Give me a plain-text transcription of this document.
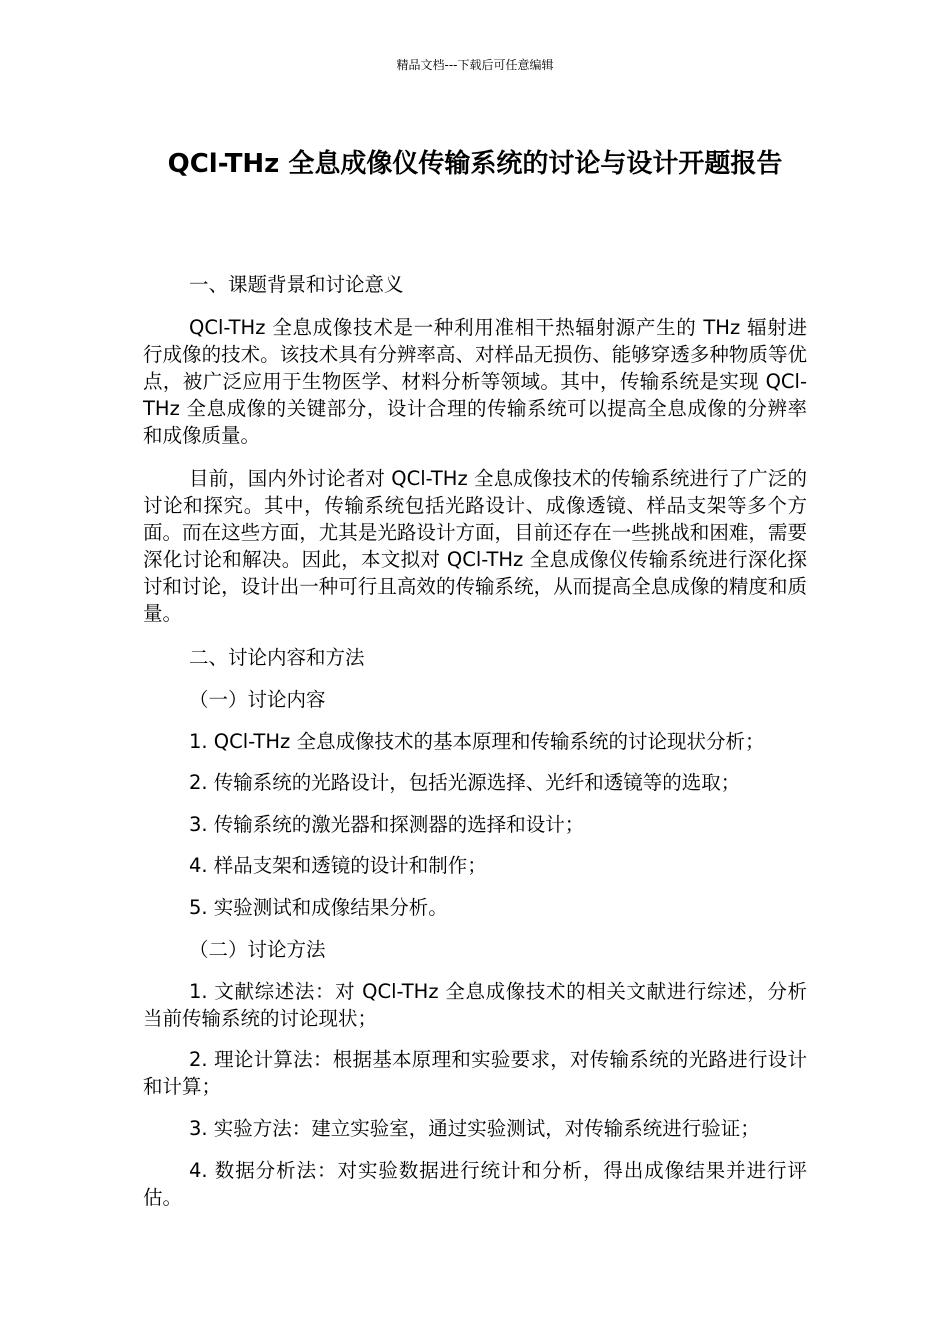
精品文档---下载后可任意编辑
QCl-THz 全息成像仪传输系统的讨论与设计开题报告

一、课题背景和讨论意义

QCl-THz 全息成像技术是一种利用准相干热辐射源产生的 THz 辐射进行成像的技术。该技术具有分辨率高、对样品无损伤、能够穿透多种物质等优点，被广泛应用于生物医学、材料分析等领域。其中，传输系统是实现 QCl-THz 全息成像的关键部分，设计合理的传输系统可以提高全息成像的分辨率和成像质量。

目前，国内外讨论者对 QCl-THz 全息成像技术的传输系统进行了广泛的讨论和探究。其中，传输系统包括光路设计、成像透镜、样品支架等多个方面。而在这些方面，尤其是光路设计方面，目前还存在一些挑战和困难，需要深化讨论和解决。因此，本文拟对 QCl-THz 全息成像仪传输系统进行深化探讨和讨论，设计出一种可行且高效的传输系统，从而提高全息成像的精度和质量。

二、讨论内容和方法

（一）讨论内容

1. QCl-THz 全息成像技术的基本原理和传输系统的讨论现状分析；

2. 传输系统的光路设计，包括光源选择、光纤和透镜等的选取；

3. 传输系统的激光器和探测器的选择和设计；

4. 样品支架和透镜的设计和制作；

5. 实验测试和成像结果分析。

（二）讨论方法

1. 文献综述法：对 QCl-THz 全息成像技术的相关文献进行综述，分析当前传输系统的讨论现状；

2. 理论计算法：根据基本原理和实验要求，对传输系统的光路进行设计和计算；

3. 实验方法：建立实验室，通过实验测试，对传输系统进行验证；

4. 数据分析法：对实验数据进行统计和分析，得出成像结果并进行评估。
